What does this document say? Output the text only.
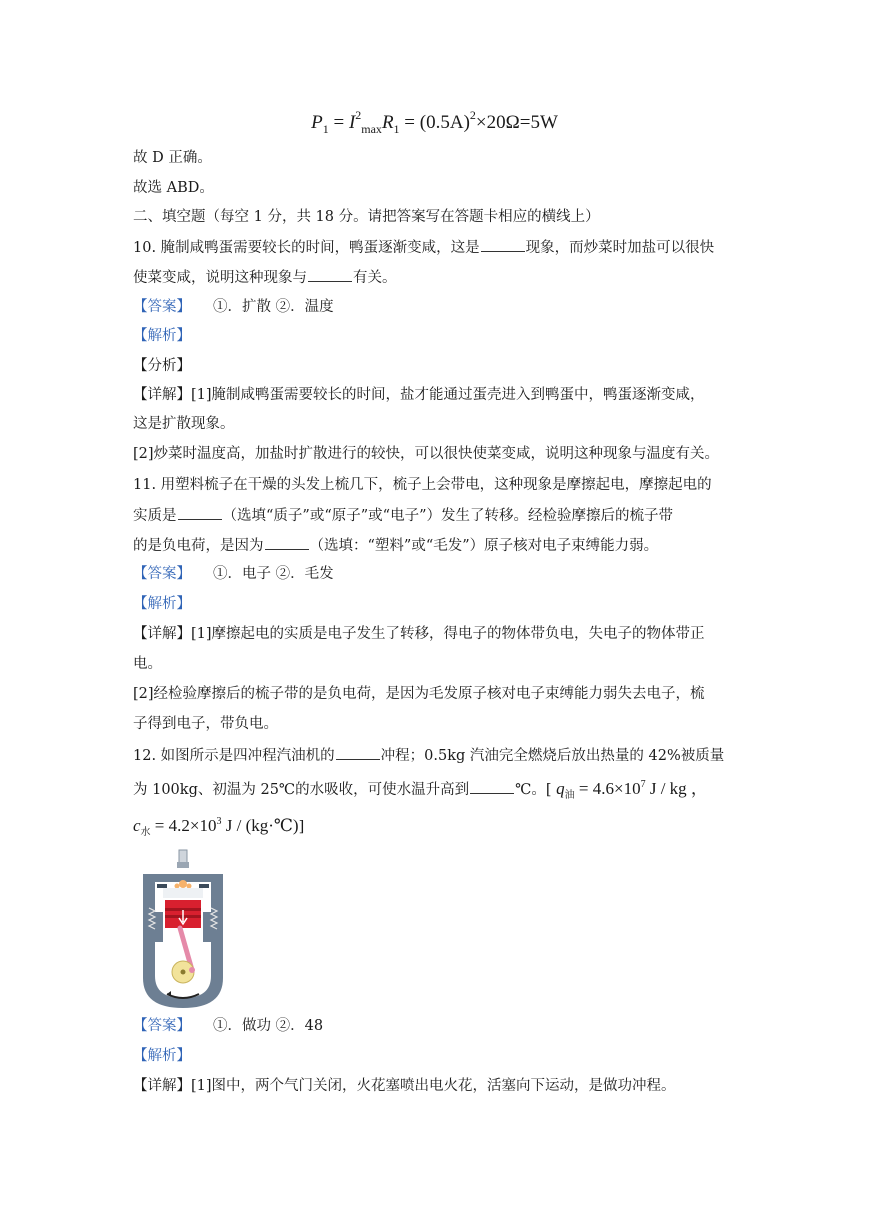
$P_1 = I^2_{max}R_1 = (0.5A)^2\times 20\Omega=5W$
故 D 正确。
故选 ABD。
二、填空题（每空 1 分，共 18 分。请把答案写在答题卡相应的横线上）
10. 腌制咸鸭蛋需要较长的时间，鸭蛋逐渐变咸，这是	现象，而炒菜时加盐可以很快
使菜变咸，说明这种现象与	有关。
【答案】 ①．扩散 ②．温度
【解析】
【分析】
【详解】[1]腌制咸鸭蛋需要较长的时间，盐才能通过蛋壳进入到鸭蛋中，鸭蛋逐渐变咸，
这是扩散现象。
[2]炒菜时温度高，加盐时扩散进行的较快，可以很快使菜变咸，说明这种现象与温度有关。
11. 用塑料梳子在干燥的头发上梳几下，梳子上会带电，这种现象是摩擦起电，摩擦起电的
实质是	（选填“质子”或“原子”或“电子”）发生了转移。经检验摩擦后的梳子带
的是负电荷，是因为	（选填：“塑料”或“毛发”）原子核对电子束缚能力弱。
【答案】 ①．电子 ②．毛发
【解析】
【详解】[1]摩擦起电的实质是电子发生了转移，得电子的物体带负电，失电子的物体带正
电。
[2]经检验摩擦后的梳子带的是负电荷，是因为毛发原子核对电子束缚能力弱失去电子，梳
子得到电子，带负电。
12. 如图所示是四冲程汽油机的	冲程；0.5kg 汽油完全燃烧后放出热量的 42%被质量
为 100kg、初温为 25℃的水吸收，可使水温升高到	℃。[ $q_油 = 4.6\times 10^7$ J / kg ，
$c_水 = 4.2\times 10^3$ J / (kg·℃)]
【答案】 ①．做功 ②．48
【解析】
【详解】[1]图中，两个气门关闭，火花塞喷出电火花，活塞向下运动，是做功冲程。
